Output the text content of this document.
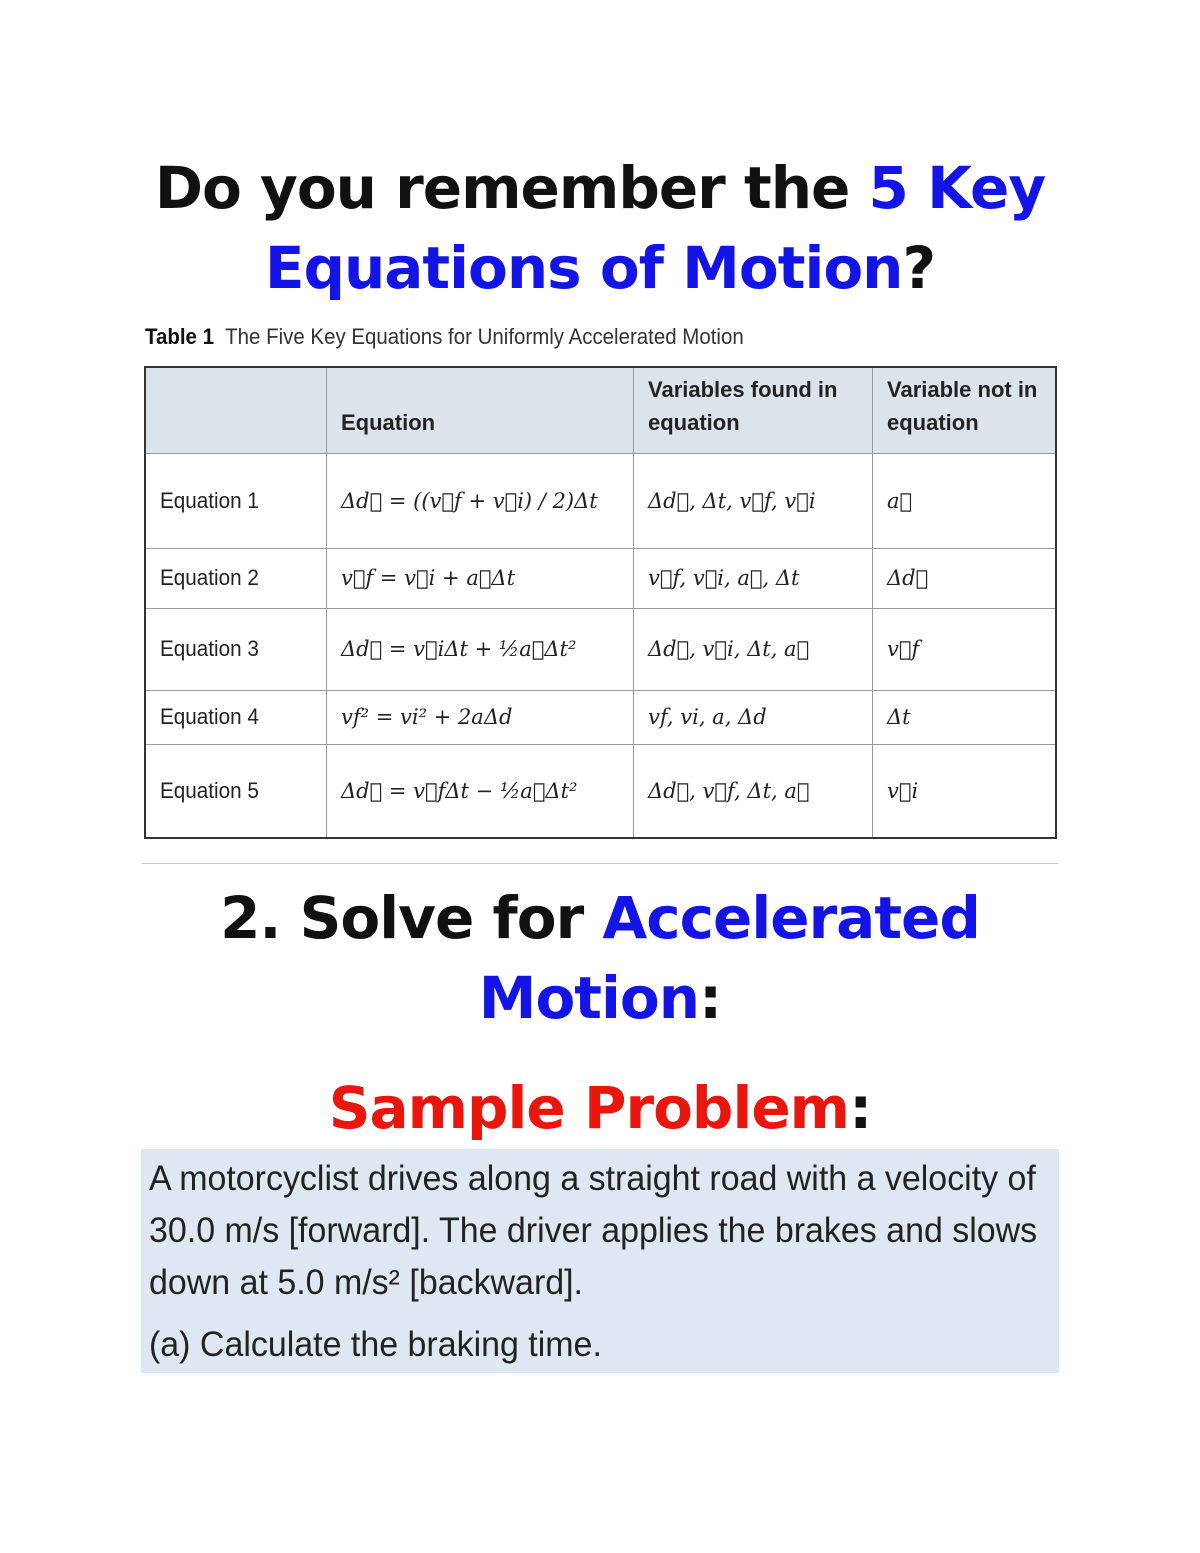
Do you remember the 5 Key
Equations of Motion?
Table 1 The Five Key Equations for Uniformly Accelerated Motion
	Equation	Variables found in equation	Variable not in equation

Equation 1	Δd⃗ = ((v⃗f + v⃗i) / 2)Δt	Δd⃗, Δt, v⃗f, v⃗i	a⃗

Equation 2	v⃗f = v⃗i + a⃗Δt	v⃗f, v⃗i, a⃗, Δt	Δd⃗

Equation 3	Δd⃗ = v⃗iΔt + ½a⃗Δt²	Δd⃗, v⃗i, Δt, a⃗	v⃗f

Equation 4	vf² = vi² + 2aΔd	vf, vi, a, Δd	Δt

Equation 5	Δd⃗ = v⃗fΔt − ½a⃗Δt²	Δd⃗, v⃗f, Δt, a⃗	v⃗i
2. Solve for Accelerated
Motion:
Sample Problem:
A motorcyclist drives along a straight road with a velocity of 30.0 m/s [forward]. The driver applies the brakes and slows down at 5.0 m/s² [backward].
(a) Calculate the braking time.
